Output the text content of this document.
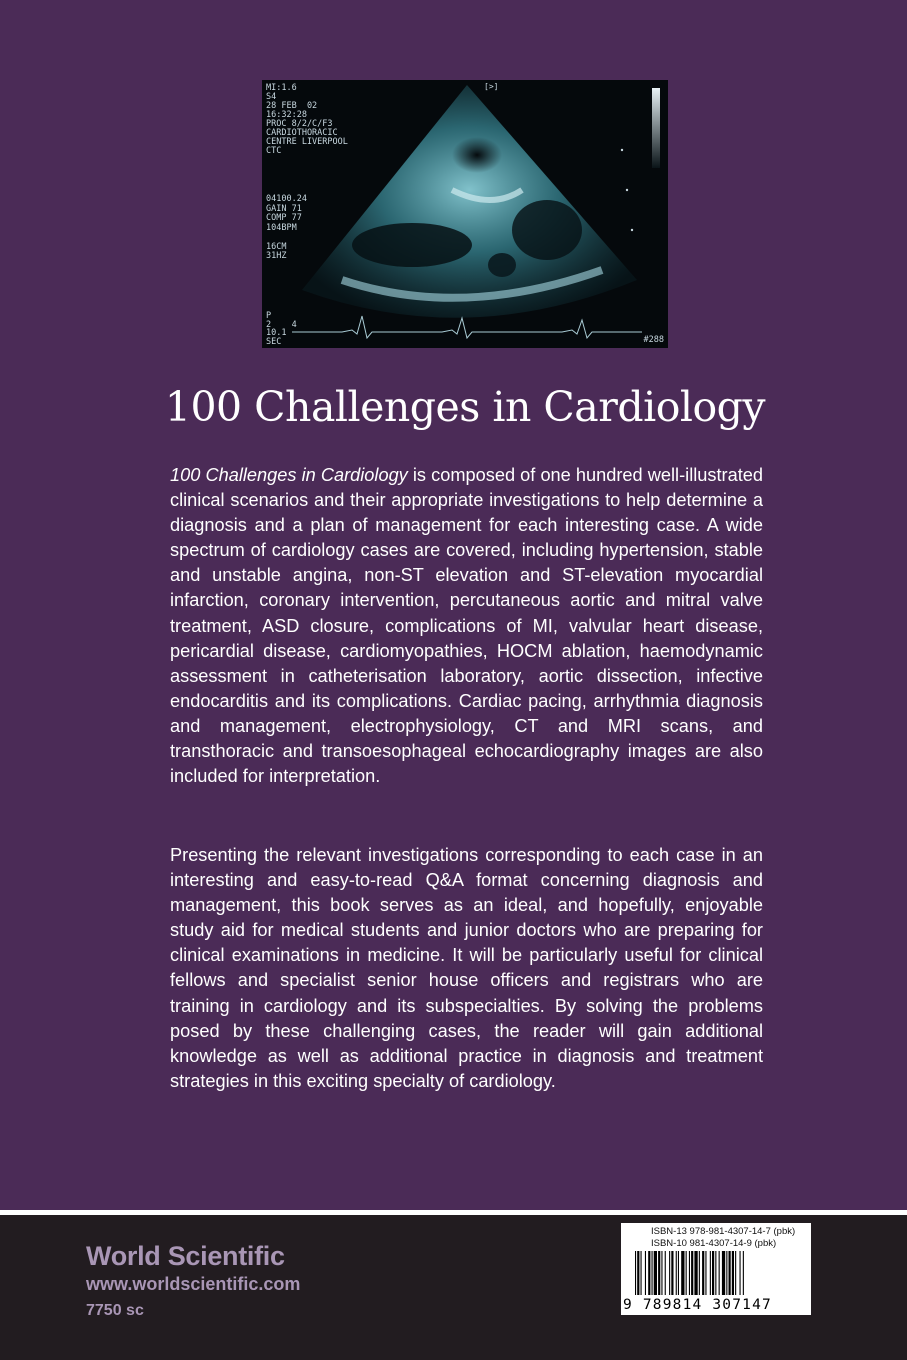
MI:1.6
S4
28 FEB  02
16:32:28
PROC 8/2/C/F3
CARDIOTHORACIC
CENTRE LIVERPOOL
CTC
04100.24
GAIN 71
COMP 77
104BPM

16CM
31HZ
P
2    4
10.1
SEC
[>]
#288
100 Challenges in Cardiology
100 Challenges in Cardiology is composed of one hundred well-illustrated clinical scenarios and their appropriate investigations to help determine a diagnosis and a plan of management for each interesting case. A wide spectrum of cardiology cases are covered, including hypertension, stable and unstable angina, non-ST elevation and ST-elevation myocardial infarction, coronary intervention, percutaneous aortic and mitral valve treatment, ASD closure, complications of MI, valvular heart disease, pericardial disease, cardiomyopathies, HOCM ablation, haemodynamic assessment in catheterisation laboratory, aortic dissection, infective endocarditis and its complications. Cardiac pacing, arrhythmia diagnosis and management, electrophysiology, CT and MRI scans, and transthoracic and transoesophageal echocardiography images are also included for interpretation.
Presenting the relevant investigations corresponding to each case in an interesting and easy-to-read Q&A format concerning diagnosis and management, this book serves as an ideal, and hopefully, enjoyable study aid for medical students and junior doctors who are preparing for clinical examinations in medicine. It will be particularly useful for clinical fellows and specialist senior house officers and registrars who are training in cardiology and its subspecialties. By solving the problems posed by these challenging cases, the reader will gain additional knowledge as well as additional practice in diagnosis and treatment strategies in this exciting specialty of cardiology.
World Scientific
www.worldscientific.com
7750 sc
ISBN-13 978-981-4307-14-7 (pbk)
ISBN-10 981-4307-14-9 (pbk)
9 789814 307147
